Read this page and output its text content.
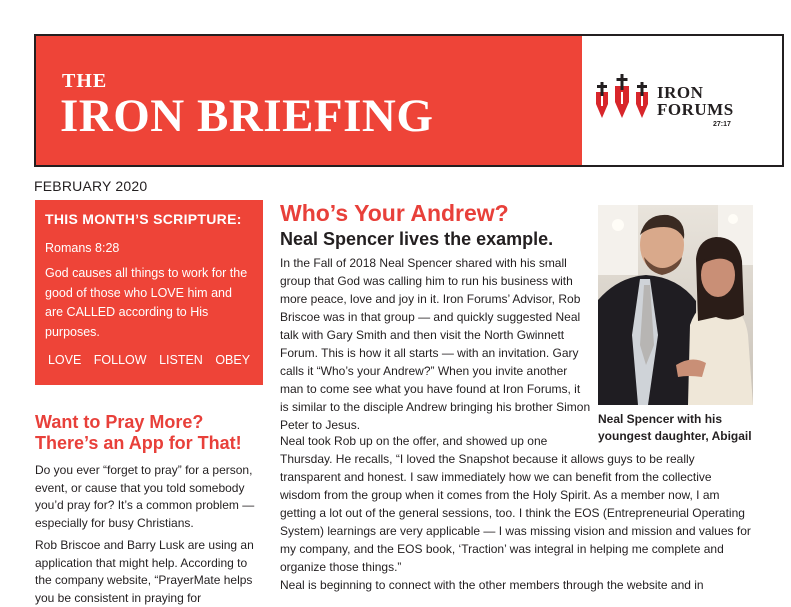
THE
IRON BRIEFING	IRON
FORUMS
27:17
FEBRUARY 2020
THIS MONTH’S SCRIPTURE:
Romans 8:28
God causes all things to work for the good of those who LOVE him and are CALLED according to His purposes.
LOVE FOLLOW LISTEN OBEY
Want to Pray More?
There’s an App for That!
Do you ever “forget to pray” for a person, event, or cause that you told somebody you’d pray for? It’s a common problem — especially for busy Christians.
Rob Briscoe and Barry Lusk are using an application that might help. According to the company website, “PrayerMate helps you be consistent in praying for
Who’s Your Andrew?
Neal Spencer lives the example.
In the Fall of 2018 Neal Spencer shared with his small group that God was calling him to run his business with more peace, love and joy in it. Iron Forums’ Advisor, Rob Briscoe was in that group — and quickly suggested Neal talk with Gary Smith and then visit the North Gwinnett Forum. This is how it all starts — with an invitation. Gary calls it “Who’s your Andrew?” When you invite another man to come see what you have found at Iron Forums, it is similar to the disciple Andrew bringing his brother Simon Peter to Jesus.
Neal took Rob up on the offer, and showed up one
Thursday. He recalls, “I loved the Snapshot because it allows guys to be really transparent and honest. I saw immediately how we can benefit from the collective wisdom from the group when it comes from the Holy Spirit. As a member now, I am getting a lot out of the general sessions, too. I think the EOS (Entrepreneurial Operating System) learnings are very applicable — I was missing vision and mission and values for my company, and the EOS book, ‘Traction’ was integral in helping me complete and organize those things.”
Neal is beginning to connect with the other members through the website and in
Neal Spencer with his
youngest daughter, Abigail
